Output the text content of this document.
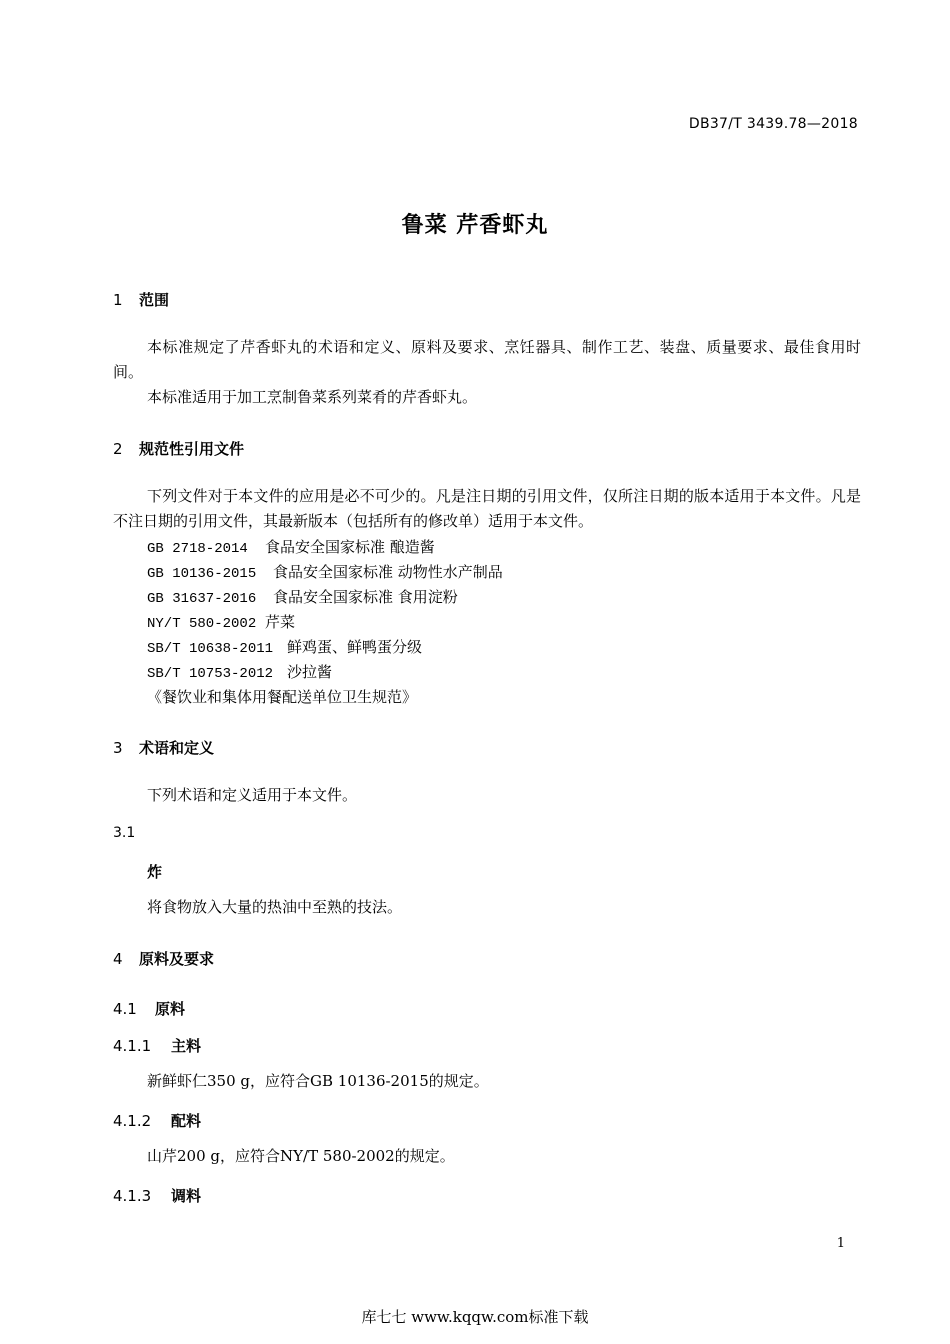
DB37/T 3439.78—2018
鲁菜 芹香虾丸
1 范围
本标准规定了芹香虾丸的术语和定义、原料及要求、烹饪器具、制作工艺、装盘、质量要求、最佳食用时间。
本标准适用于加工烹制鲁菜系列菜肴的芹香虾丸。
2 规范性引用文件
下列文件对于本文件的应用是必不可少的。凡是注日期的引用文件，仅所注日期的版本适用于本文件。凡是不注日期的引用文件，其最新版本（包括所有的修改单）适用于本文件。
GB 2718-2014 食品安全国家标准 酿造酱
GB 10136-2015 食品安全国家标准 动物性水产制品
GB 31637-2016 食品安全国家标准 食用淀粉
NY/T 580-2002 芹菜
SB/T 10638-2011 鲜鸡蛋、鲜鸭蛋分级
SB/T 10753-2012 沙拉酱
《餐饮业和集体用餐配送单位卫生规范》
3 术语和定义
下列术语和定义适用于本文件。
3.1
炸
将食物放入大量的热油中至熟的技法。
4 原料及要求
4.1 原料
4.1.1 主料
新鲜虾仁350 g，应符合GB 10136-2015的规定。
4.1.2 配料
山芹200 g，应符合NY/T 580-2002的规定。
4.1.3 调料
1
库七七 www.kqqw.com标准下载
